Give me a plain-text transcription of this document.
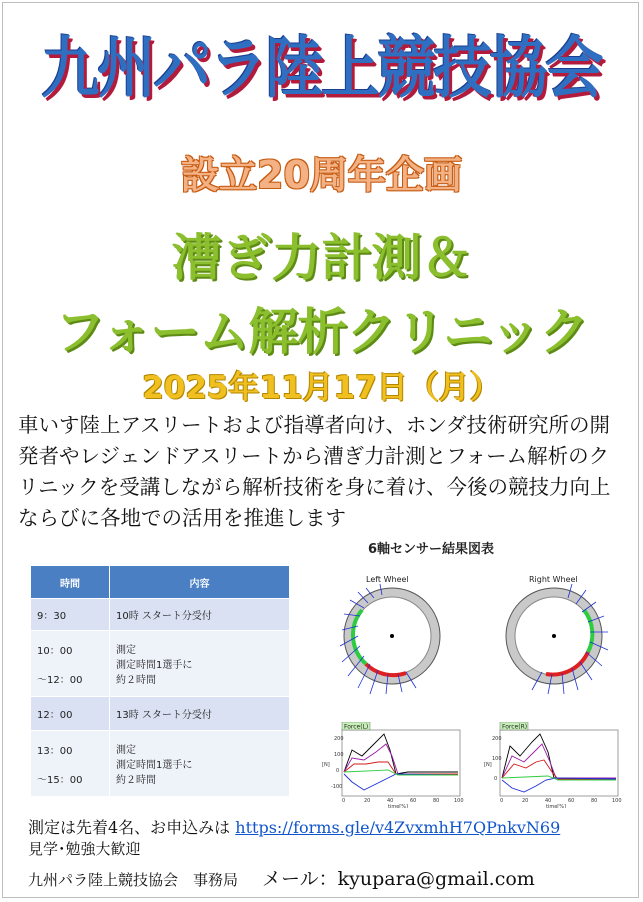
九州パラ陸上競技協会
設立20周年企画
漕ぎ力計測＆
フォーム解析クリニック
2025年11月17日（月）
車いす陸上アスリートおよび指導者向け、ホンダ技術研究所の開発者やレジェンドアスリートから漕ぎ力計測とフォーム解析のクリニックを受講しながら解析技術を身に着け、今後の競技力向上ならびに各地での活用を推進します
6軸センサー結果図表
時間	内容
9：30	10時 スタート分受付

10：00
～12：00	測定
測定時間1選手に
約２時間

12：00	13時 スタート分受付

13：00
～15：00	測定
測定時間1選手に
約２時間
Left Wheel	Right Wheel
Force(L)
200
100
0
-100
[N]
0	20	40	60	80	100
time[%]
Force(R)
200
100
0
[N]
0	20	40	60	80	100
time[%]
測定は先着4名、お申込みは https://forms.gle/v4ZvxmhH7QPnkvN69
見学･勉強大歓迎
九州パラ陸上競技協会　事務局 メール：kyupara@gmail.com
